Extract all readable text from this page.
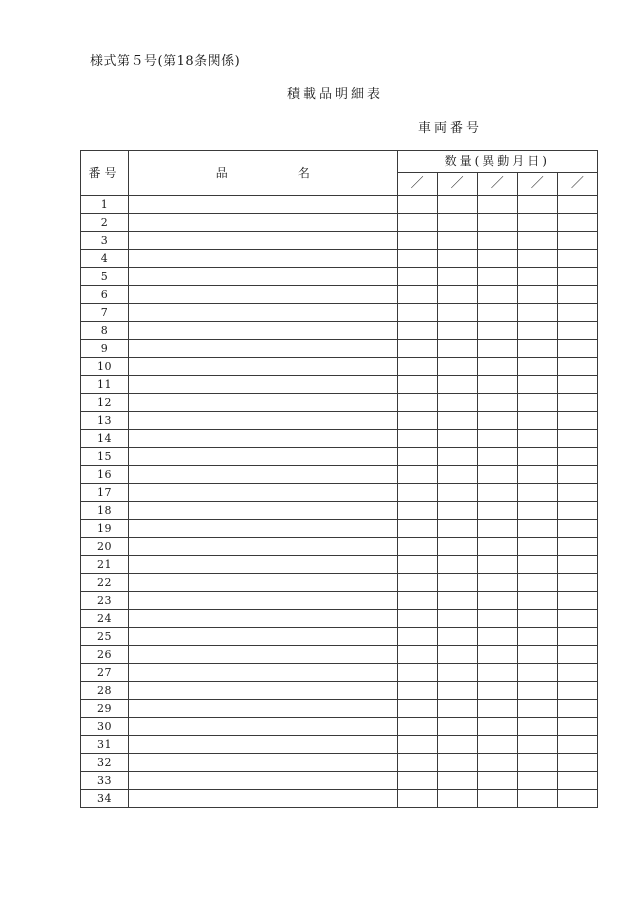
様式第５号(第18条関係)
積載品明細表
車両番号
番号	品 名	数量(異動月日)				
		／	／	／	／	／
1						
2						
3						
4						
5						
6						
7						
8						
9						
10						
11						
12						
13						
14						
15						
16						
17						
18						
19						
20						
21						
22						
23						
24						
25						
26						
27						
28						
29						
30						
31						
32						
33						
34						
